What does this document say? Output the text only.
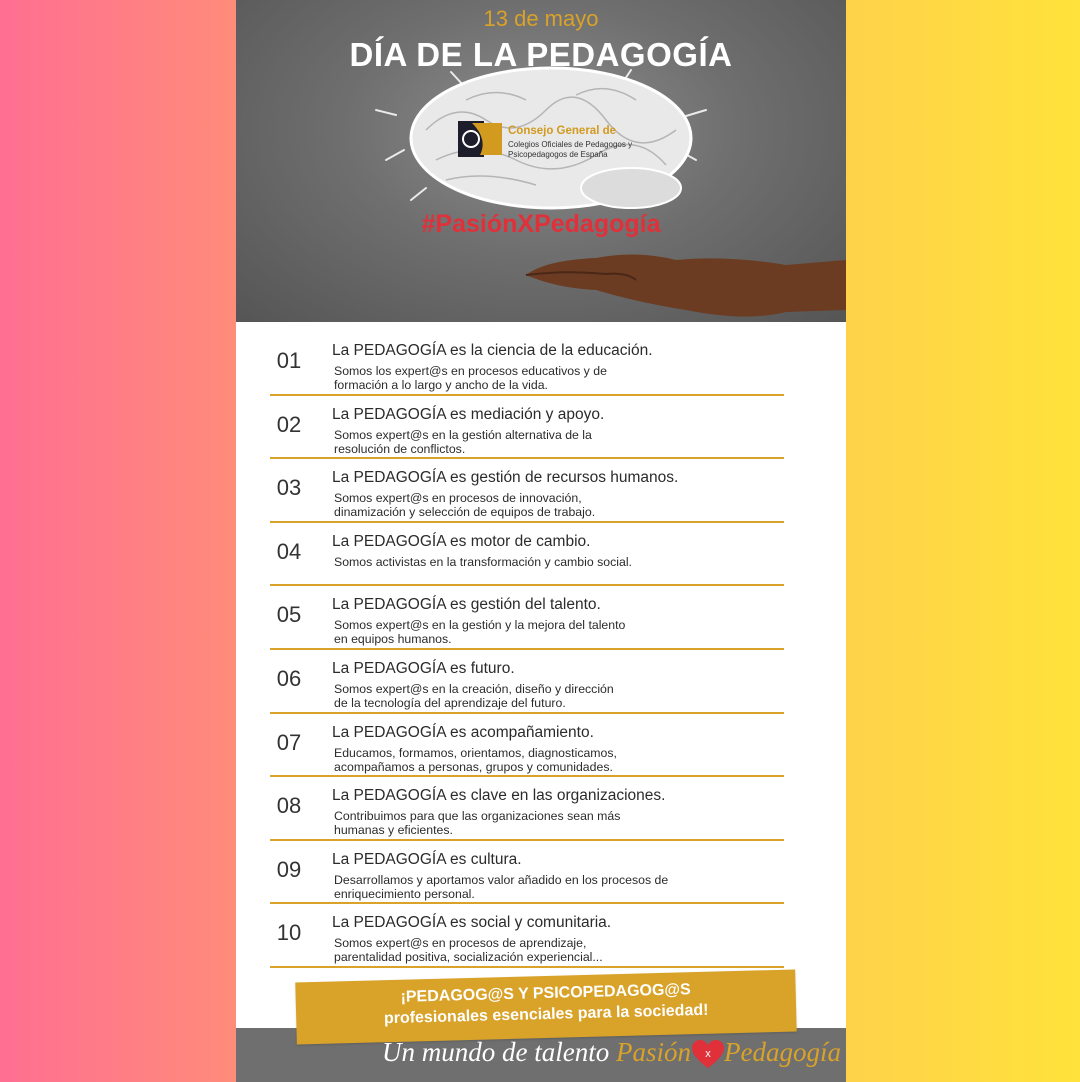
Consejo General de
Colegios Oficiales de Pedagogos y
Psicopedagogos de España
13 de mayo
DÍA DE LA PEDAGOGÍA
#PasiónXPedagogía
01	La PEDAGOGÍA es la ciencia de la educación.
Somos los expert@s en procesos educativos y de
formación a lo largo y ancho de la vida.
02	La PEDAGOGÍA es mediación y apoyo.
Somos expert@s en la gestión alternativa de la
resolución de conflictos.
03	La PEDAGOGÍA es gestión de recursos humanos.
Somos expert@s en procesos de innovación,
dinamización y selección de equipos de trabajo.
04	La PEDAGOGÍA es motor de cambio.
Somos activistas en la transformación y cambio social.
05	La PEDAGOGÍA es gestión del talento.
Somos expert@s en la gestión y la mejora del talento
en equipos humanos.
06	La PEDAGOGÍA es futuro.
Somos expert@s en la creación, diseño y dirección
de la tecnología del aprendizaje del futuro.
07	La PEDAGOGÍA es acompañamiento.
Educamos, formamos, orientamos, diagnosticamos,
acompañamos a personas, grupos y comunidades.
08	La PEDAGOGÍA es clave en las organizaciones.
Contribuimos para que las organizaciones sean más
humanas y eficientes.
09	La PEDAGOGÍA es cultura.
Desarrollamos y aportamos valor añadido en los procesos de
enriquecimiento personal.
10	La PEDAGOGÍA es social y comunitaria.
Somos expert@s en procesos de aprendizaje,
parentalidad positiva, socialización experiencial...
¡PEDAGOG@S Y PSICOPEDAGOG@S
profesionales esenciales para la sociedad!
Un mundo de talento Pasión	x Pedagogía
